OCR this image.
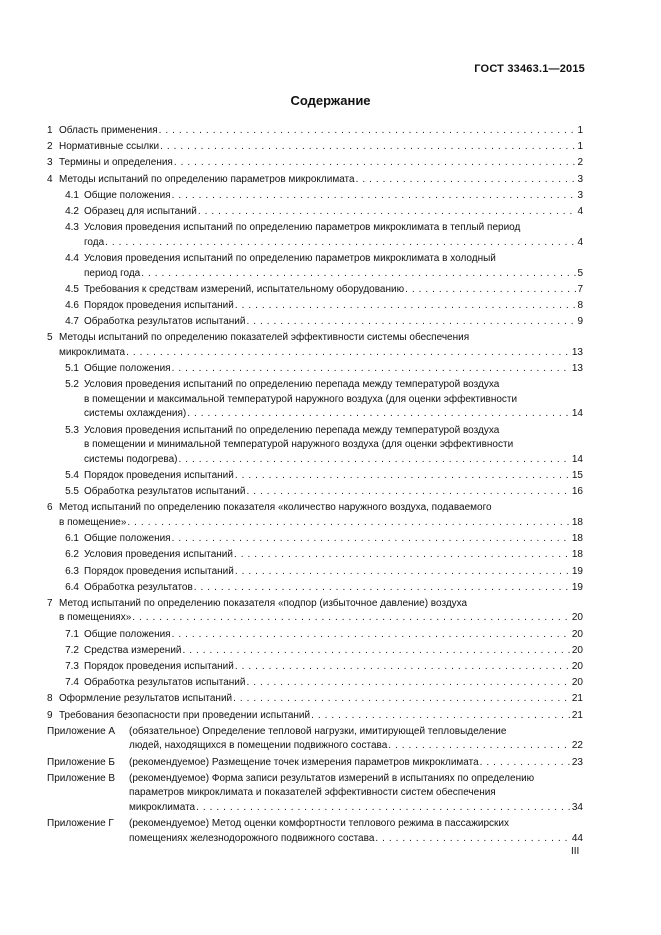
ГОСТ 33463.1—2015
Содержание
1 Область применения . . .	1
2 Нормативные ссылки . . .	1
3 Термины и определения . . .	2
4 Методы испытаний по определению параметров микроклимата . . .	3
4.1 Общие положения . . .	3
4.2 Образец для испытаний . . .	4
4.3 Условия проведения испытаний по определению параметров микроклимата в теплый период
года . . .	4
4.4 Условия проведения испытаний по определению параметров микроклимата в холодный
период года . . .	5
4.5 Требования к средствам измерений, испытательному оборудованию . . .	7
4.6 Порядок проведения испытаний . . .	8
4.7 Обработка результатов испытаний . . .	9
5 Методы испытаний по определению показателей эффективности системы обеспечения
микроклимата . . .	13
5.1 Общие положения . . .	13
5.2 Условия проведения испытаний по определению перепада между температурой воздуха
в помещении и максимальной температурой наружного воздуха (для оценки эффективности
системы охлаждения) . . .	14
5.3 Условия проведения испытаний по определению перепада между температурой воздуха
в помещении и минимальной температурой наружного воздуха (для оценки эффективности
системы подогрева) . . .	14
5.4 Порядок проведения испытаний . . .	15
5.5 Обработка результатов испытаний . . .	16
6 Метод испытаний по определению показателя «количество наружного воздуха, подаваемого
в помещение» . . .	18
6.1 Общие положения . . .	18
6.2 Условия проведения испытаний . . .	18
6.3 Порядок проведения испытаний . . .	19
6.4 Обработка результатов . . .	19
7 Метод испытаний по определению показателя «подпор (избыточное давление) воздуха
в помещениях» . . .	20
7.1 Общие положения . . .	20
7.2 Средства измерений . . .	20
7.3 Порядок проведения испытаний . . .	20
7.4 Обработка результатов испытаний . . .	20
8 Оформление результатов испытаний . . .	21
9 Требования безопасности при проведении испытаний . . .	21
Приложение А	(обязательное) Определение тепловой нагрузки, имитирующей тепловыделение
людей, находящихся в помещении подвижного состава . . .	22
Приложение Б	(рекомендуемое) Размещение точек измерения параметров микроклимата . . .	23
Приложение В	(рекомендуемое) Форма записи результатов измерений в испытаниях по определению
параметров микроклимата и показателей эффективности систем обеспечения
микроклимата . . .	34
Приложение Г	(рекомендуемое) Метод оценки комфортности теплового режима в пассажирских
помещениях железнодорожного подвижного состава . . .	44
III
